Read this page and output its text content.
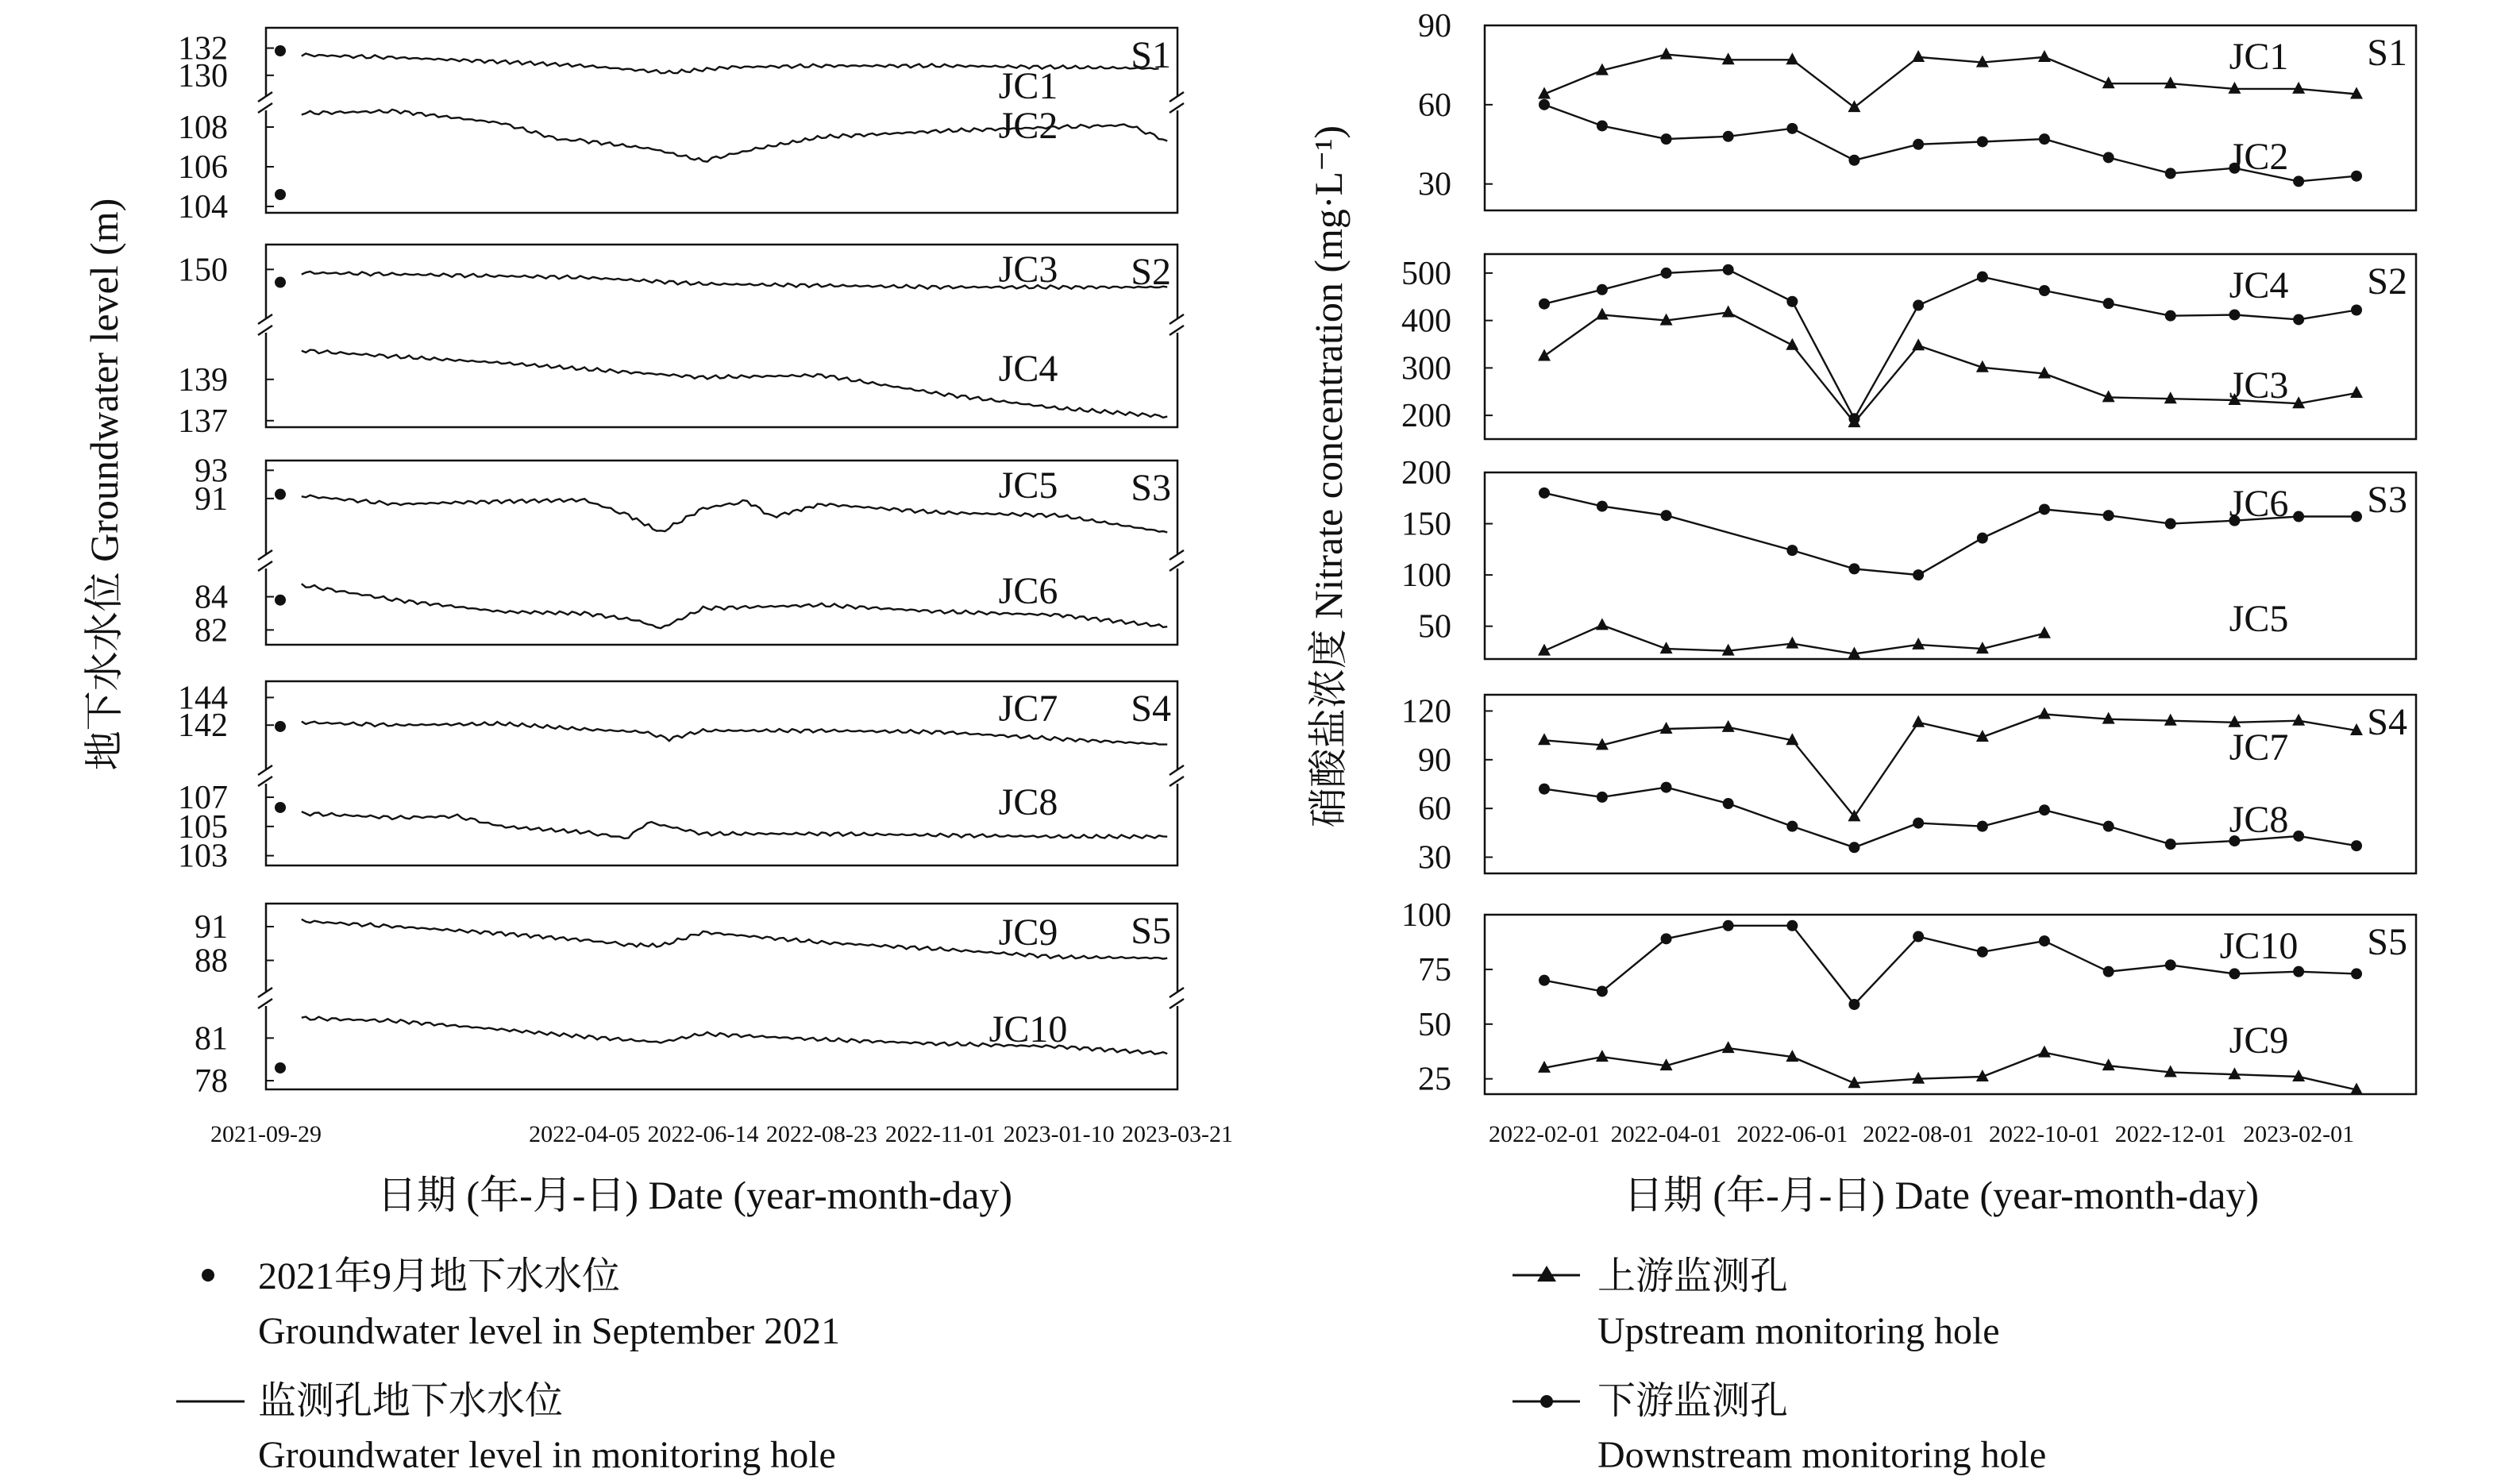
130
132
104
106
108
JC1
JC2
S1
150
137
139
JC3
JC4
S2
91
93
82
84
JC5
JC6
S3
142
144
103
105
107
JC7
JC8
S4
88
91
78
81
JC9
JC10
S5
2021-09-29	2022-04-05 2022-06-14 2022-08-23 2022-11-01 2023-01-10 2023-03-21
30
60
90
JC1
JC2
S1
200
300
400
500	JC4
JC3
S2
50
100
150
200
JC6
JC5
S3
30
60
90
120
JC7
JC8
S4
25
50
75
100
JC10
JC9
S5
2022-02-01 2022-04-01 2022-06-01 2022-08-01 2022-10-01 2022-12-01 2023-02-01
地下水水位 Groundwater level (m)	硝酸盐浓度 Nitrate concentration (mg·L⁻¹)
日期 (年-月-日) Date (year-month-day)	日期 (年-月-日) Date (year-month-day)
2021年9月地下水水位
Groundwater level in September 2021
监测孔地下水水位
Groundwater level in monitoring hole
上游监测孔
Upstream monitoring hole
下游监测孔
Downstream monitoring hole
